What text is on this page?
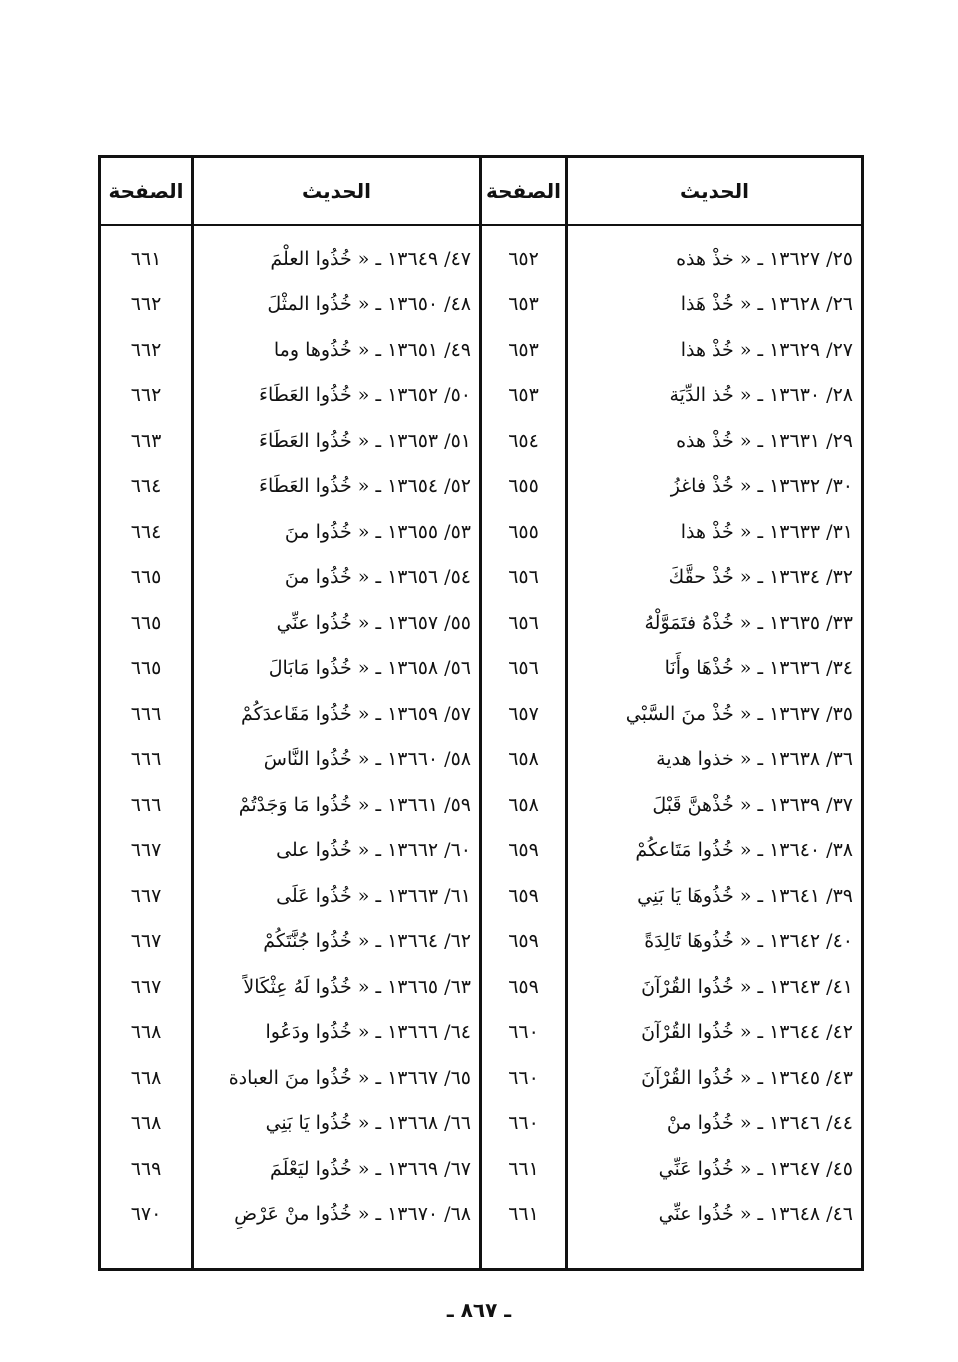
الحديث
٢٥/ ١٣٦٢٧ ـ « خذْ هذه
٢٦/ ١٣٦٢٨ ـ « خُذْ هَذا
٢٧/ ١٣٦٢٩ ـ « خُذْ هذا
٢٨/ ١٣٦٣٠ ـ « خُذ الدِّيَة
٢٩/ ١٣٦٣١ ـ « خُذْ هذه
٣٠/ ١٣٦٣٢ ـ « خُذْ فاغزُ
٣١/ ١٣٦٣٣ ـ « خُذْ هذا
٣٢/ ١٣٦٣٤ ـ « خُذْ حقَّكَ
٣٣/ ١٣٦٣٥ ـ « خُذْهُ فتَمَوَّلْهُ
٣٤/ ١٣٦٣٦ ـ « خُذْهَا وأَنَا
٣٥/ ١٣٦٣٧ ـ « خُذْ منَ السَّبْي
٣٦/ ١٣٦٣٨ ـ « خذوا هدية
٣٧/ ١٣٦٣٩ ـ « خُذْهنَّ قَبْلَ
٣٨/ ١٣٦٤٠ ـ « خُذُوا مَتَاعكُمْ
٣٩/ ١٣٦٤١ ـ « خُذُوهَا يَا بَنِي
٤٠/ ١٣٦٤٢ ـ « خُذُوهَا تَالِدَةً
٤١/ ١٣٦٤٣ ـ « خُذُوا القُرْآنَ
٤٢/ ١٣٦٤٤ ـ « خُذُوا القُرْآنَ
٤٣/ ١٣٦٤٥ ـ « خُذُوا القُرْآنَ
٤٤/ ١٣٦٤٦ ـ « خُذُوا منْ
٤٥/ ١٣٦٤٧ ـ « خُذُوا عَنِّي
٤٦/ ١٣٦٤٨ ـ « خُذُوا عنِّي
الصفحة
٦٥٢
٦٥٣
٦٥٣
٦٥٣
٦٥٤
٦٥٥
٦٥٥
٦٥٦
٦٥٦
٦٥٦
٦٥٧
٦٥٨
٦٥٨
٦٥٩
٦٥٩
٦٥٩
٦٥٩
٦٦٠
٦٦٠
٦٦٠
٦٦١
٦٦١
الحديث
٤٧/ ١٣٦٤٩ ـ « خُذُوا العلْمَ
٤٨/ ١٣٦٥٠ ـ « خُذُوا المثْلَ
٤٩/ ١٣٦٥١ ـ « خُذُوها وما
٥٠/ ١٣٦٥٢ ـ « خُذُوا العَطَاءَ
٥١/ ١٣٦٥٣ ـ « خُذُوا العَطَاءَ
٥٢/ ١٣٦٥٤ ـ « خُذُوا العَطَاءَ
٥٣/ ١٣٦٥٥ ـ « خُذُوا منَ
٥٤/ ١٣٦٥٦ ـ « خُذُوا منَ
٥٥/ ١٣٦٥٧ ـ « خُذُوا عنِّي
٥٦/ ١٣٦٥٨ ـ « خُذُوا مَابَالَ
٥٧/ ١٣٦٥٩ ـ « خُذُوا مَقَاعدَكُمْ
٥٨/ ١٣٦٦٠ ـ « خُذُوا النَّاسَ
٥٩/ ١٣٦٦١ ـ « خُذُوا مَا وَجَدْتُمْ
٦٠/ ١٣٦٦٢ ـ « خُذُوا على
٦١/ ١٣٦٦٣ ـ « خُذُوا عَلَى
٦٢/ ١٣٦٦٤ ـ « خُذُوا جُنَّتَكُمْ
٦٣/ ١٣٦٦٥ ـ « خُذُوا لَهُ عِثْكَالاً
٦٤/ ١٣٦٦٦ ـ « خُذُوا ودَعُوا
٦٥/ ١٣٦٦٧ ـ « خُذُوا منَ العبادة
٦٦/ ١٣٦٦٨ ـ « خُذُوا يَا بَنِي
٦٧/ ١٣٦٦٩ ـ « خُذُوا ليَعْلَمَ
٦٨/ ١٣٦٧٠ ـ « خُذُوا منْ عَرْضِ
الصفحة
٦٦١
٦٦٢
٦٦٢
٦٦٢
٦٦٣
٦٦٤
٦٦٤
٦٦٥
٦٦٥
٦٦٥
٦٦٦
٦٦٦
٦٦٦
٦٦٧
٦٦٧
٦٦٧
٦٦٧
٦٦٨
٦٦٨
٦٦٨
٦٦٩
٦٧٠
ـ ٨٦٧ ـ
